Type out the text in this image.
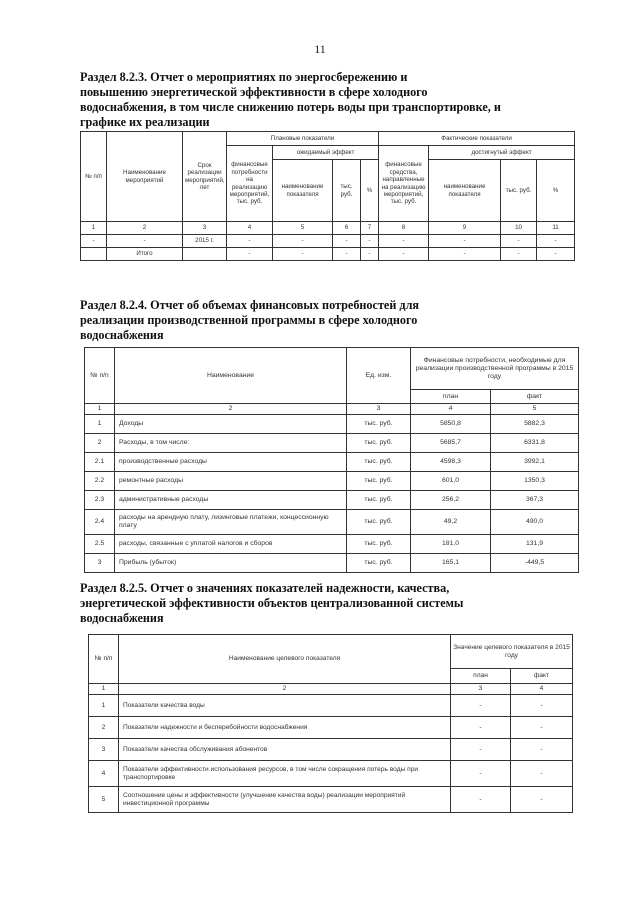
11
Раздел 8.2.3. Отчет о мероприятиях по энергосбережению и
повышению энергетической эффективности в сфере холодного
водоснабжения, в том числе снижению потерь воды при транспортировке, и
графике их реализации
№ п/п	Наименование мероприятий	Срок реализации мероприятий, лет	Плановые показатели				Фактические показатели			
			финансовые потребности на реализацию мероприятий, тыс. руб.	ожидаемый эффект			финансовые средства, направленные на реализацию мероприятий, тыс. руб.	достигнутый эффект		
				наименование показателя	тыс. руб.	%		наименование показателя	тыс. руб.	%
1	2	3	4	5	6	7	8	9	10	11
-	-	2015 г.	-	-	-	-	-	-	-	-
	Итого		-	-	-	-	-	-	-	-
Раздел 8.2.4. Отчет об объемах финансовых потребностей для
реализации производственной программы в сфере холодного
водоснабжения
№ п/п	Наименование	Ед. изм.	Финансовые потребности, необходимые для реализации производственной программы в 2015 году	
			план	факт
1	2	3	4	5
1	Доходы	тыс. руб.	5850,8	5882,3
2	Расходы, в том числе:	тыс. руб.	5685,7	6331,8
2.1	производственные расходы	тыс. руб.	4598,3	3992,1
2.2	ремонтные расходы	тыс. руб.	601,0	1350,3
2.3	административные расходы	тыс. руб.	256,2	367,3
2.4	расходы на арендную плату, лизинговые платежи, концессионную плату	тыс. руб.	49,2	490,0
2.5	расходы, связанные с уплатой налогов и сборов	тыс. руб.	181,0	131,9
3	Прибыль (убыток)	тыс. руб.	165,1	-449,5
Раздел 8.2.5. Отчет о значениях показателей надежности, качества,
энергетической эффективности объектов централизованной системы
водоснабжения
№ п/п	Наименование целевого показателя	Значение целевого показателя в 2015 году	
		план	факт
1	2	3	4
1	Показатели качества воды	-	-
2	Показатели надежности и бесперебойности водоснабжения	-	-
3	Показатели качества обслуживания абонентов	-	-
4	Показатели эффективности использования ресурсов, в том числе сокращения потерь воды при транспортировке	-	-
5	Соотношение цены и эффективности (улучшение качества воды) реализации мероприятий инвестиционной программы	-	-
